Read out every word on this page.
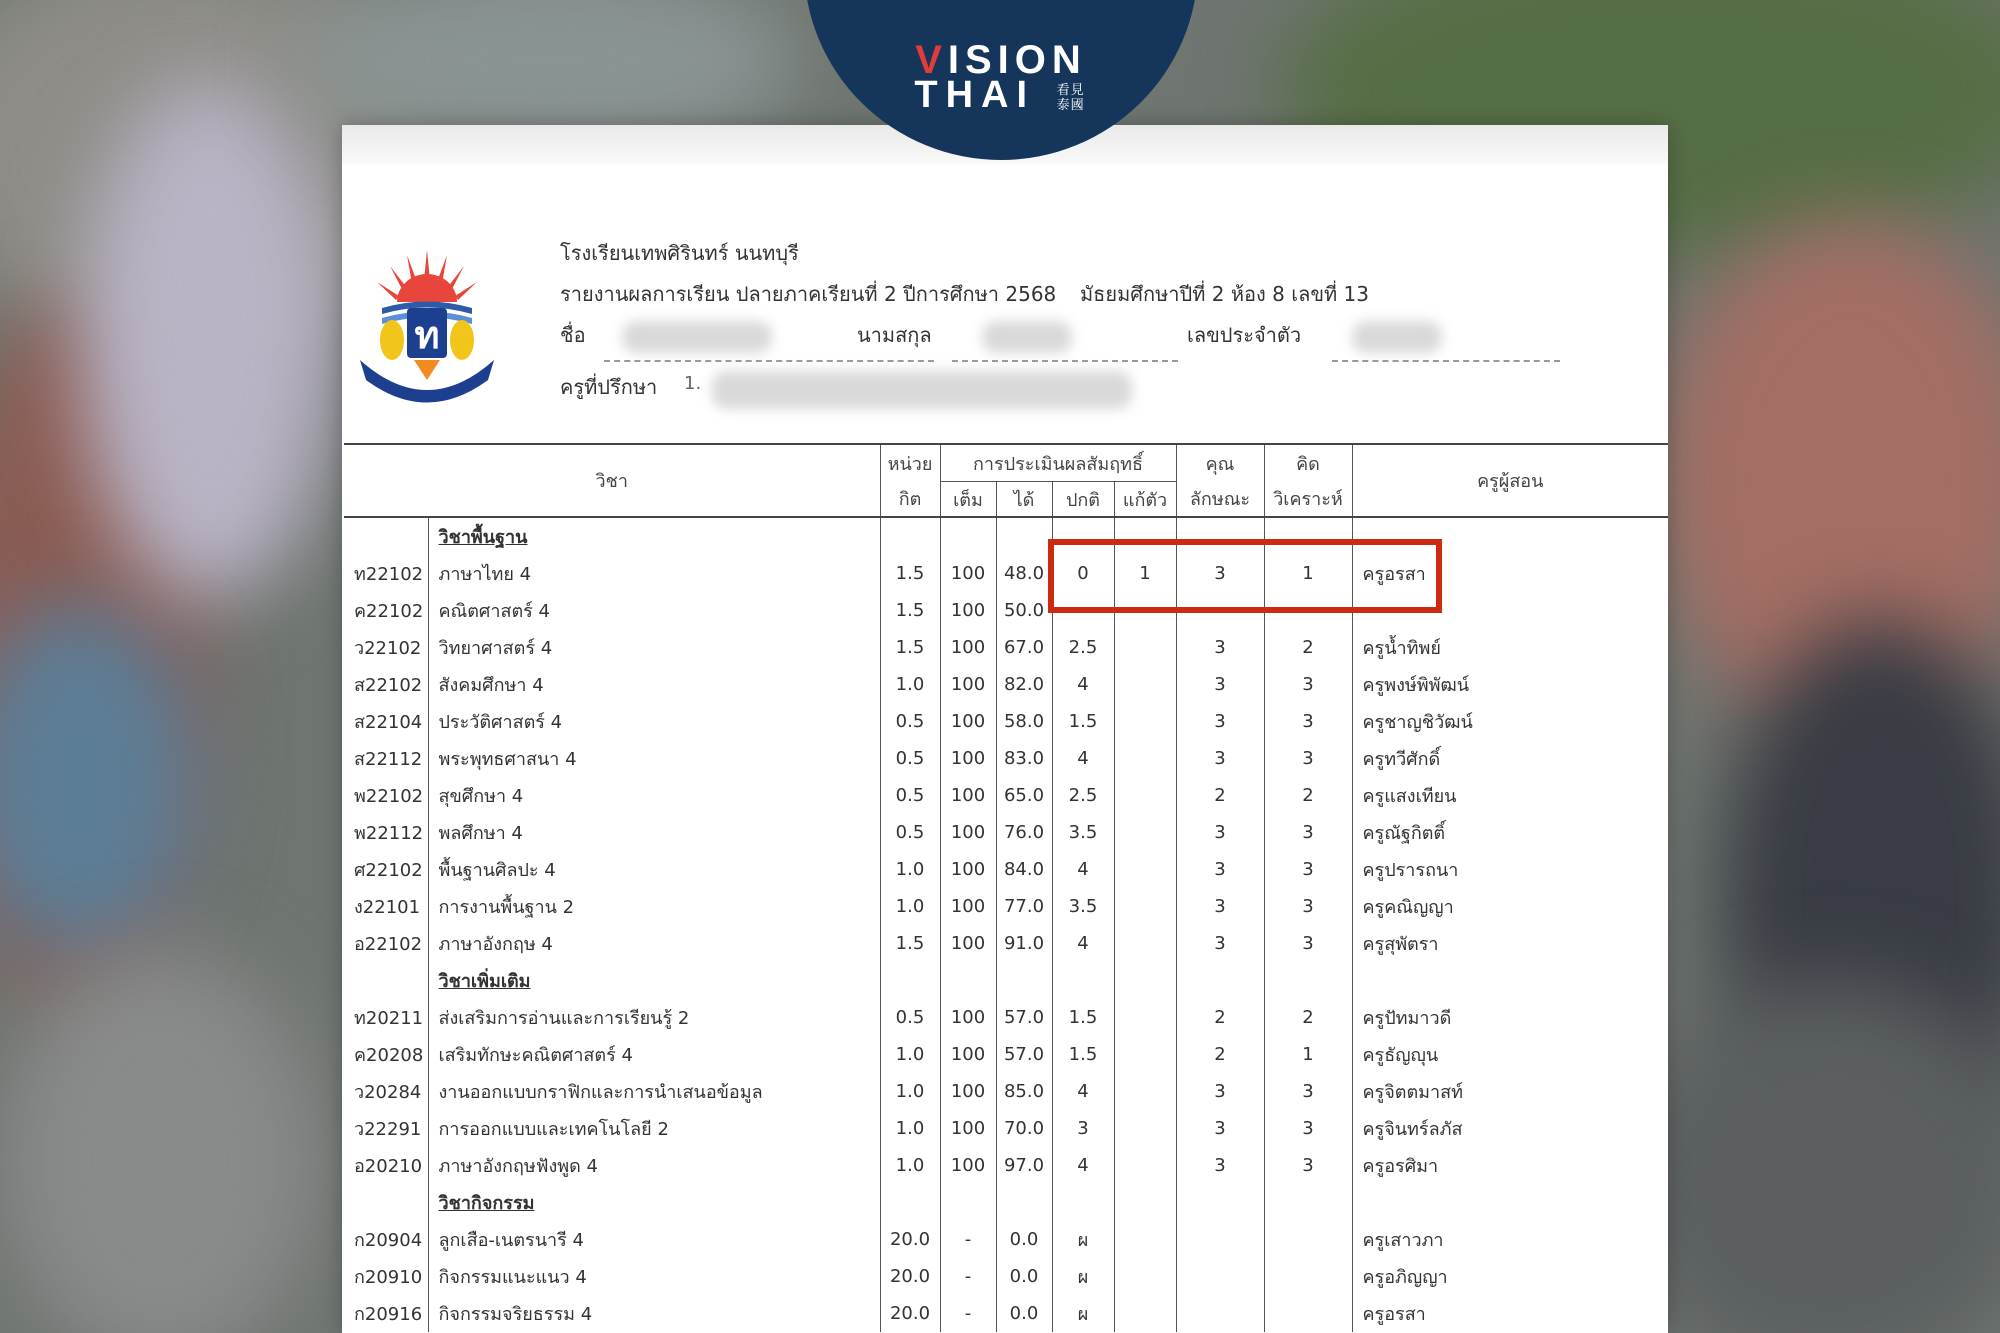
VISION
THAI 看見泰國
ท
โรงเรียนเทพศิรินทร์ นนทบุรี
รายงานผลการเรียน ปลายภาคเรียนที่ 2 ปีการศึกษา 2568 มัธยมศึกษาปีที่ 2 ห้อง 8 เลขที่ 13
ชื่อ	นามสกุล	เลขประจำตัว
ครูที่ปรึกษา 1.
วิชา		หน่วย	การประเมินผลสัมฤทธิ์				คุณ	คิด	ครูผู้สอน
		กิต	เต็ม	ได้	ปกติ	แก้ตัว	ลักษณะ	วิเคราะห์	
	วิชาพื้นฐาน								
ท22102	ภาษาไทย 4	1.5	100	48.0	0	1	3	1	ครูอรสา
ค22102	คณิตศาสตร์ 4	1.5	100	50.0					
ว22102	วิทยาศาสตร์ 4	1.5	100	67.0	2.5		3	2	ครูน้ำทิพย์
ส22102	สังคมศึกษา 4	1.0	100	82.0	4		3	3	ครูพงษ์พิพัฒน์
ส22104	ประวัติศาสตร์ 4	0.5	100	58.0	1.5		3	3	ครูชาญชิวัฒน์
ส22112	พระพุทธศาสนา 4	0.5	100	83.0	4		3	3	ครูทวีศักดิ์
พ22102	สุขศึกษา 4	0.5	100	65.0	2.5		2	2	ครูแสงเทียน
พ22112	พลศึกษา 4	0.5	100	76.0	3.5		3	3	ครูณัฐกิตติ์
ศ22102	พื้นฐานศิลปะ 4	1.0	100	84.0	4		3	3	ครูปรารถนา
ง22101	การงานพื้นฐาน 2	1.0	100	77.0	3.5		3	3	ครูคณิญญา
อ22102	ภาษาอังกฤษ 4	1.5	100	91.0	4		3	3	ครูสุพัตรา
	วิชาเพิ่มเติม								
ท20211	ส่งเสริมการอ่านและการเรียนรู้ 2	0.5	100	57.0	1.5		2	2	ครูปัทมาวดี
ค20208	เสริมทักษะคณิตศาสตร์ 4	1.0	100	57.0	1.5		2	1	ครูธัญญุน
ว20284	งานออกแบบกราฟิกและการนำเสนอข้อมูล	1.0	100	85.0	4		3	3	ครูจิตตมาสท์
ว22291	การออกแบบและเทคโนโลยี 2	1.0	100	70.0	3		3	3	ครูจินทร์ลภัส
อ20210	ภาษาอังกฤษฟังพูด 4	1.0	100	97.0	4		3	3	ครูอรศิมา
	วิชากิจกรรม								
ก20904	ลูกเสือ-เนตรนารี 4	20.0	-	0.0	ผ				ครูเสาวภา
ก20910	กิจกรรมแนะแนว 4	20.0	-	0.0	ผ				ครูอภิญญา
ก20916	กิจกรรมจริยธรรม 4	20.0	-	0.0	ผ				ครูอรสา
